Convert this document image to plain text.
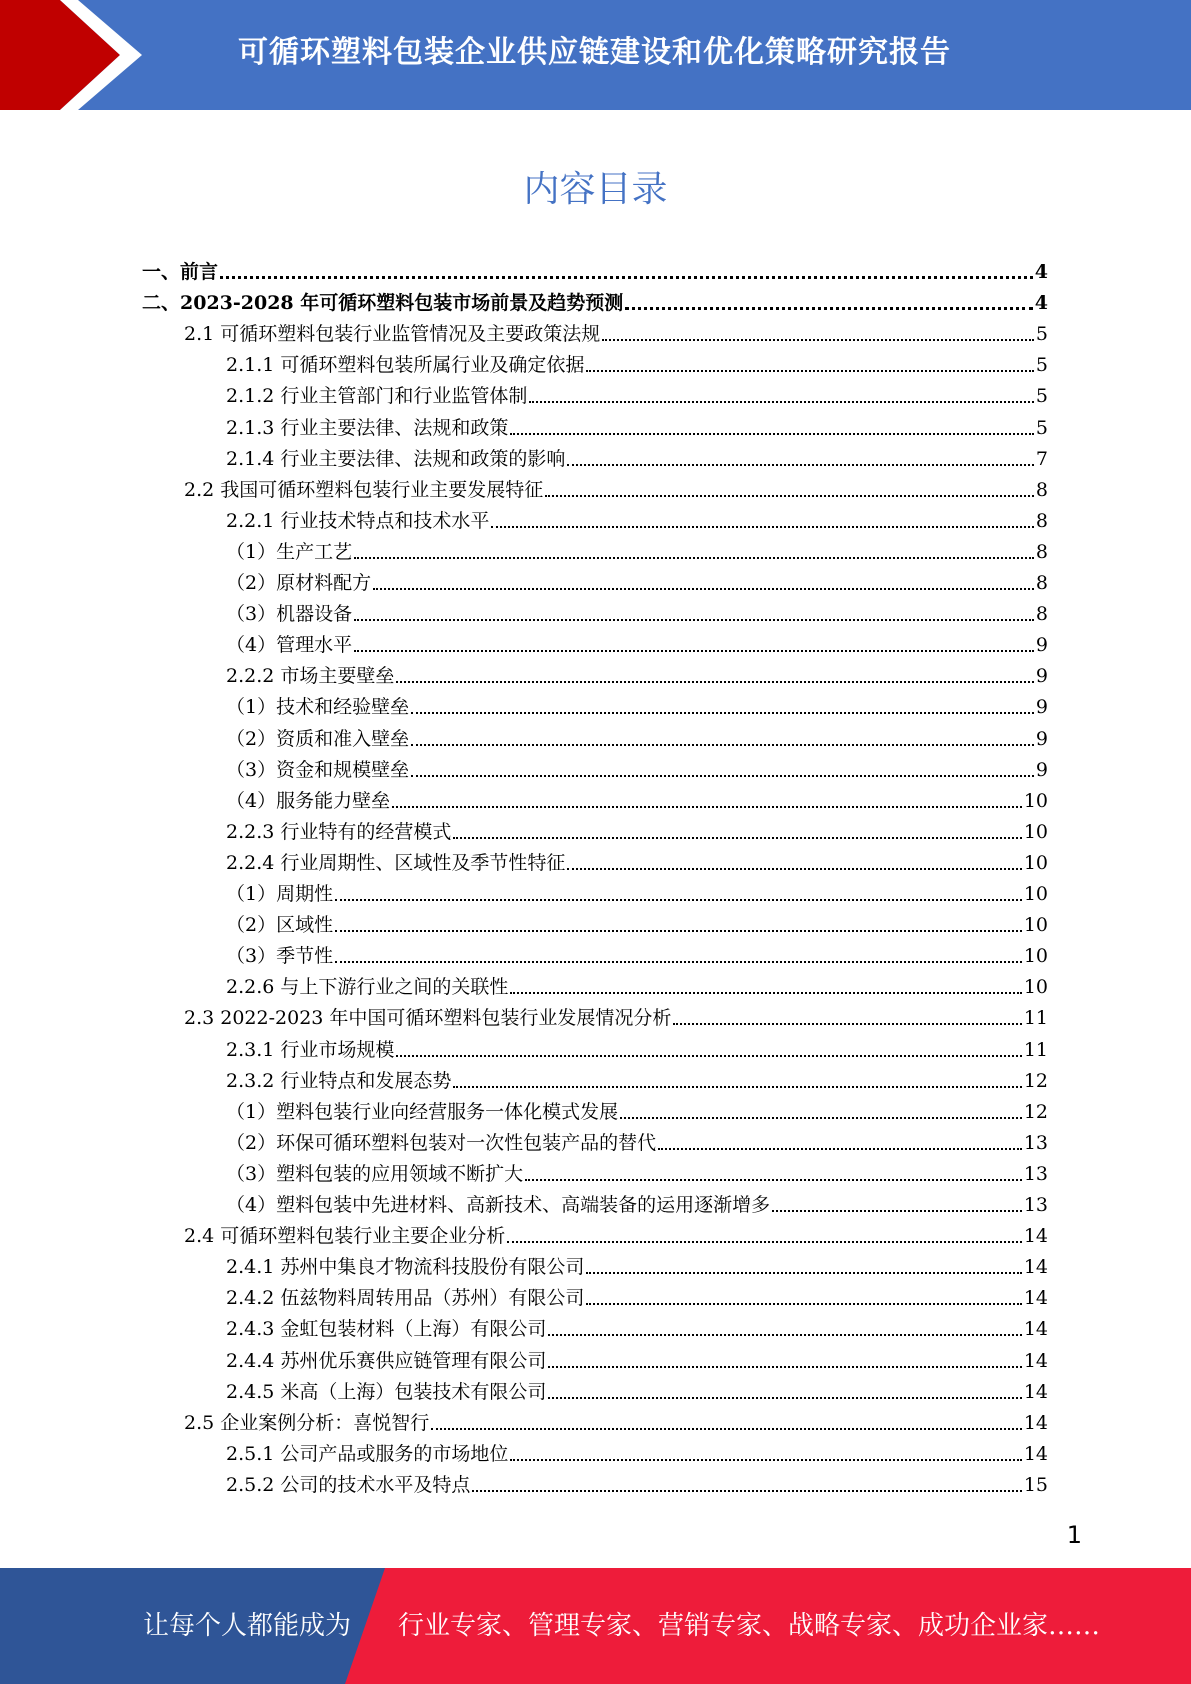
可循环塑料包装企业供应链建设和优化策略研究报告
内容目录
一、前言	4
二、2023-2028 年可循环塑料包装市场前景及趋势预测	4
2.1 可循环塑料包装行业监管情况及主要政策法规	5
2.1.1 可循环塑料包装所属行业及确定依据	5
2.1.2 行业主管部门和行业监管体制	5
2.1.3 行业主要法律、法规和政策	5
2.1.4 行业主要法律、法规和政策的影响	7
2.2 我国可循环塑料包装行业主要发展特征	8
2.2.1 行业技术特点和技术水平	8
（1）生产工艺	8
（2）原材料配方	8
（3）机器设备	8
（4）管理水平	9
2.2.2 市场主要壁垒	9
（1）技术和经验壁垒	9
（2）资质和准入壁垒	9
（3）资金和规模壁垒	9
（4）服务能力壁垒	10
2.2.3 行业特有的经营模式	10
2.2.4 行业周期性、区域性及季节性特征	10
（1）周期性	10
（2）区域性	10
（3）季节性	10
2.2.6 与上下游行业之间的关联性	10
2.3 2022-2023 年中国可循环塑料包装行业发展情况分析	11
2.3.1 行业市场规模	11
2.3.2 行业特点和发展态势	12
（1）塑料包装行业向经营服务一体化模式发展	12
（2）环保可循环塑料包装对一次性包装产品的替代	13
（3）塑料包装的应用领域不断扩大	13
（4）塑料包装中先进材料、高新技术、高端装备的运用逐渐增多	13
2.4 可循环塑料包装行业主要企业分析	14
2.4.1 苏州中集良才物流科技股份有限公司	14
2.4.2 伍兹物料周转用品（苏州）有限公司	14
2.4.3 金虹包装材料（上海）有限公司	14
2.4.4 苏州优乐赛供应链管理有限公司	14
2.4.5 米高（上海）包装技术有限公司	14
2.5 企业案例分析：喜悦智行	14
2.5.1 公司产品或服务的市场地位	14
2.5.2 公司的技术水平及特点	15
1
让每个人都能成为 行业专家、管理专家、营销专家、战略专家、成功企业家……
